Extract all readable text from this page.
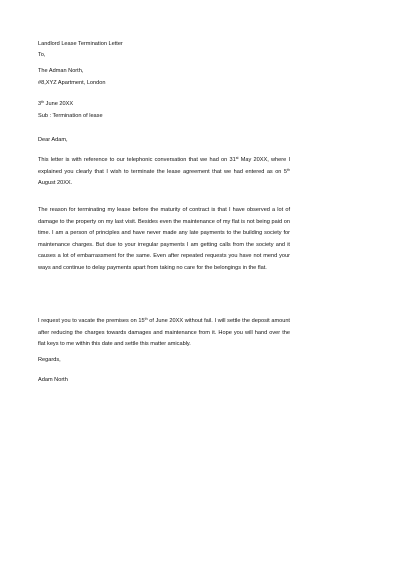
Landlord Lease Termination Letter
To,
The Adman North,
#8,XYZ Apartment, London
3th June 20XX
Sub : Termination of lease
Dear Adam,
This letter is with reference to our telephonic conversation that we had on 31st May 20XX, where I explained you clearly that I wish to terminate the lease agreement that we had entered as on 5th August 20XX.
The reason for terminating my lease before the maturity of contract is that I have observed a lot of damage to the property on my last visit. Besides even the maintenance of my flat is not being paid on time. I am a person of principles and have never made any late payments to the building society for maintenance charges. But due to your irregular payments I am getting calls from the society and it causes a lot of embarrassment for the same. Even after repeated requests you have not mend your ways and continue to delay payments apart from taking no care for the belongings in the flat.
I request you to vacate the premises on 15th of June 20XX without fail. I will settle the deposit amount after reducing the charges towards damages and maintenance from it. Hope you will hand over the flat keys to me within this date and settle this matter amicably.
Regards,
Adam North
